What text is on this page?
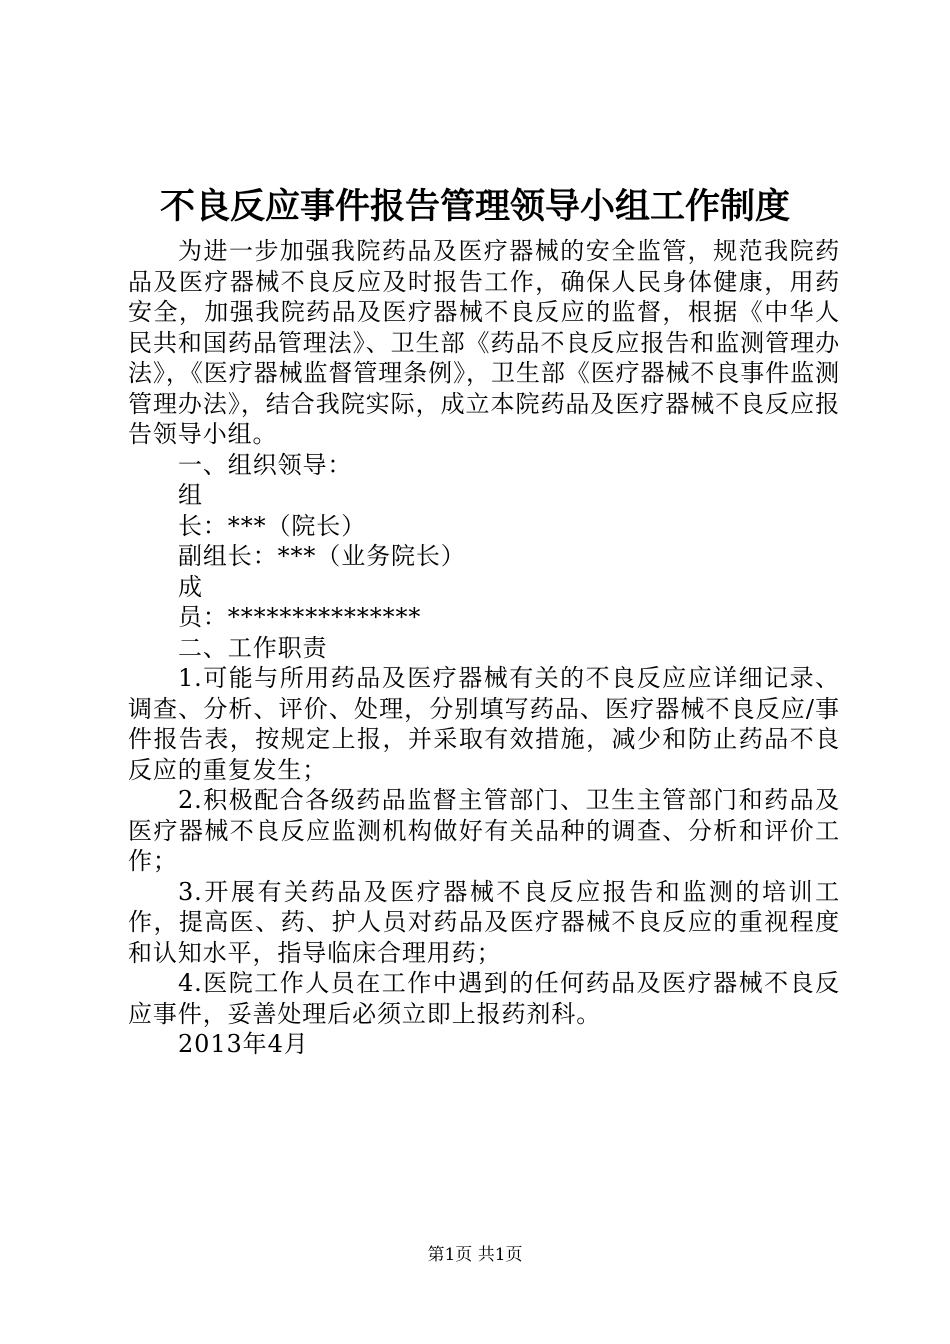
不良反应事件报告管理领导小组工作制度

为进一步加强我院药品及医疗器械的安全监管，规范我院药品及医疗器械不良反应及时报告工作，确保人民身体健康，用药安全，加强我院药品及医疗器械不良反应的监督，根据《中华人民共和国药品管理法》、卫生部《药品不良反应报告和监测管理办法》，《医疗器械监督管理条例》，卫生部《医疗器械不良事件监测管理办法》，结合我院实际，成立本院药品及医疗器械不良反应报告领导小组。

一、组织领导：

组

长：***（院长）

副组长：***（业务院长）

成

员：***************

二、工作职责

1.可能与所用药品及医疗器械有关的不良反应应详细记录、调查、分析、评价、处理，分别填写药品、医疗器械不良反应/事件报告表，按规定上报，并采取有效措施，减少和防止药品不良反应的重复发生；

2.积极配合各级药品监督主管部门、卫生主管部门和药品及医疗器械不良反应监测机构做好有关品种的调查、分析和评价工作；

3.开展有关药品及医疗器械不良反应报告和监测的培训工作，提高医、药、护人员对药品及医疗器械不良反应的重视程度和认知水平，指导临床合理用药；

4.医院工作人员在工作中遇到的任何药品及医疗器械不良反应事件，妥善处理后必须立即上报药剂科。

2013年4月

第1页 共1页
